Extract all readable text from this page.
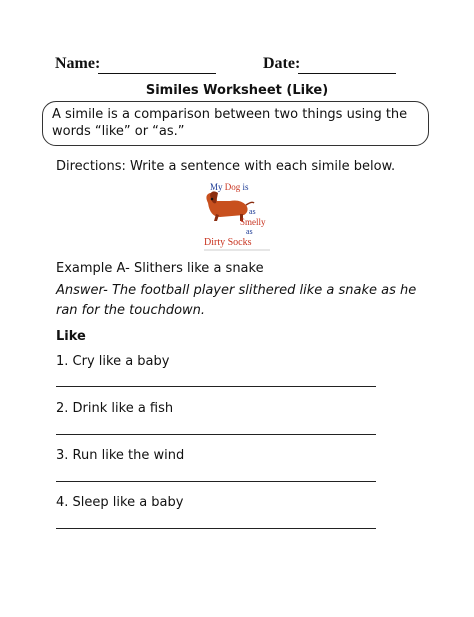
Name:	Date:
Similes Worksheet (Like)
A simile is a comparison between two things using the words “like” or “as.”
Directions: Write a sentence with each simile below.
My Dog is
as
Smelly
as
Dirty Socks
Example A- Slithers like a snake
Answer- The football player slithered like a snake as he ran for the touchdown.
Like
1. Cry like a baby
2. Drink like a fish
3. Run like the wind
4. Sleep like a baby
